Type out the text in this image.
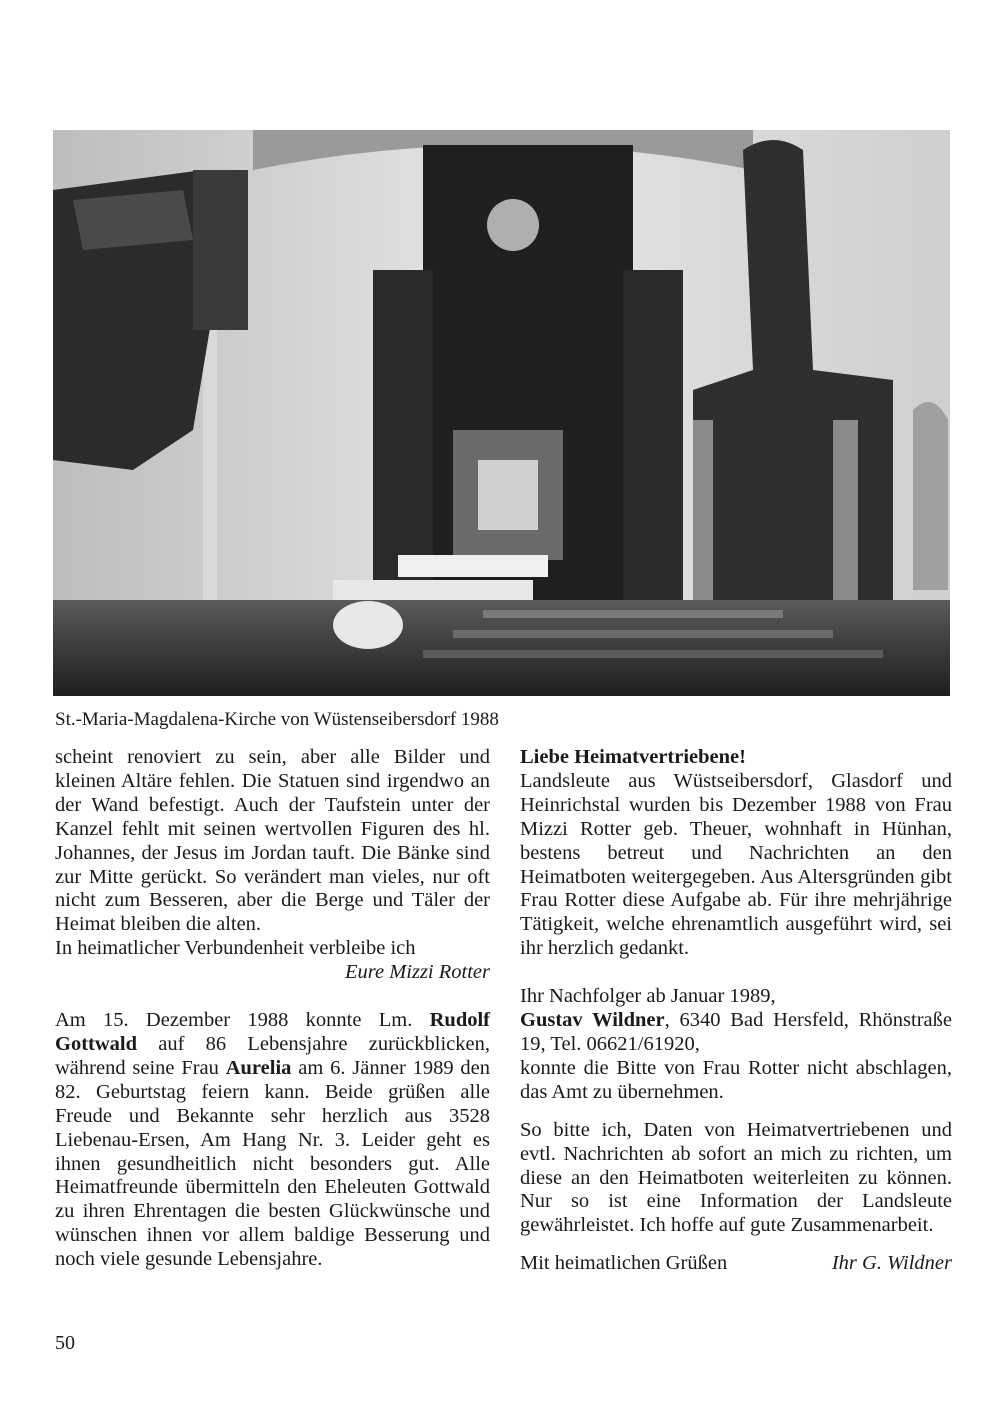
St.-Maria-Magdalena-Kirche von Wüstenseibersdorf 1988

scheint renoviert zu sein, aber alle Bilder und kleinen Altäre fehlen. Die Statuen sind irgendwo an der Wand befestigt. Auch der Taufstein unter der Kanzel fehlt mit seinen wertvollen Figuren des hl. Johannes, der Jesus im Jordan tauft. Die Bänke sind zur Mitte gerückt. So verändert man vieles, nur oft nicht zum Besseren, aber die Berge und Täler der Heimat bleiben die alten.

In heimatlicher Verbundenheit verbleibe ich

Eure Mizzi Rotter

Am 15. Dezember 1988 konnte Lm. Rudolf Gottwald auf 86 Lebensjahre zurückblicken, während seine Frau Aurelia am 6. Jänner 1989 den 82. Geburtstag feiern kann. Beide grüßen alle Freude und Bekannte sehr herzlich aus 3528 Liebenau-Ersen, Am Hang Nr. 3. Leider geht es ihnen gesundheitlich nicht besonders gut. Alle Heimatfreunde übermitteln den Eheleuten Gottwald zu ihren Ehrentagen die besten Glückwünsche und wünschen ihnen vor allem baldige Besserung und noch viele gesunde Lebensjahre.

Liebe Heimatvertriebene!

Landsleute aus Wüstseibersdorf, Glasdorf und Heinrichstal wurden bis Dezember 1988 von Frau Mizzi Rotter geb. Theuer, wohnhaft in Hünhan, bestens betreut und Nachrichten an den Heimatboten weitergegeben. Aus Altersgründen gibt Frau Rotter diese Aufgabe ab. Für ihre mehrjährige Tätigkeit, welche ehrenamtlich ausgeführt wird, sei ihr herzlich gedankt.

Ihr Nachfolger ab Januar 1989,

Gustav Wildner, 6340 Bad Hersfeld, Rhönstraße 19, Tel. 06621/61920,

konnte die Bitte von Frau Rotter nicht abschlagen, das Amt zu übernehmen.

So bitte ich, Daten von Heimatvertriebenen und evtl. Nachrichten ab sofort an mich zu richten, um diese an den Heimatboten weiterleiten zu können. Nur so ist eine Information der Landsleute gewährleistet. Ich hoffe auf gute Zusammenarbeit.

Mit heimatlichen Grüßen	Ihr G. Wildner
50
